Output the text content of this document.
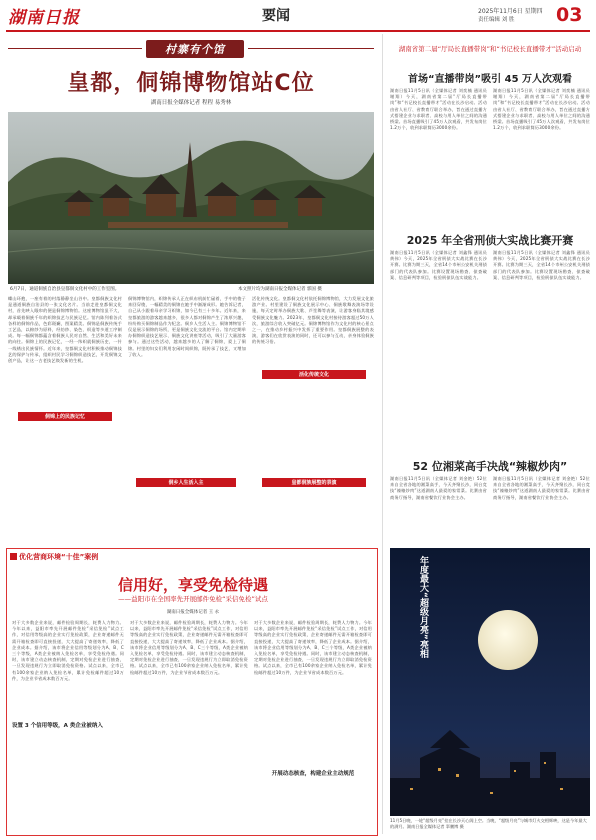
湖南日报	要闻	2025年11月6日 星期四
责任编辑 刘 胜 03
村寨有个馆
皇都，侗锦博物馆站C位
湖南日报全媒体记者 程程 易秀林
6月7日，通道侗族自治县皇都侗文化村中的工作室图。	本文照片均为湖南日报全媒体记者 郭国 摄
蝶山环抱，一座有着的村落静静坐山谷中。皇都侗族文化村是通道侗族自治县的一张文化名片。当前走进皇都侗文化村，首先映入眼帘的便是侗锦博物馆。这座博物馆虽不大，却承载着侗族千年的织锦技艺与民族记忆。馆内陈列着各式各样的侗锦作品，色彩斑斓，图案精美。侗锦是侗族传统手工艺品，以棉纱为原料，经纺纱、染色、织造等多道工序制成。每一幅侗锦都蕴含着侗族人民对自然、生活和美好未来的向往。侗锦上的民族记忆，一经一纬织就侗族历史，一针一线绣出民族情怀。近年来，皇都侗文化村积极推动侗锦技艺的保护与传承，组织村民学习侗锦织造技艺，开发侗锦文创产品，让这一古老技艺焕发新的生机。
侗锦上的民族记忆
侗锦博物馆内，织锦传承人正在织布机前忙碌着，手中的梭子来回穿梭，一幅精美的侗锦在她手中渐渐成形。她告诉记者，自己从小跟着母亲学习织锦，如今已有三十多年。近年来，来皇都旅游的游客越来越多，很多人都对侗锦产生了浓厚兴趣，纷纷购买侗锦制品作为纪念。侗乡人生活入主。侗锦博物馆不仅是展示侗锦的场所，更是侗族文化交流的平台。馆内定期举办侗锦织造技艺展示、侗族文化讲座等活动，吸引了大量游客参与。通过这些活动，越来越多的人了解了侗锦，爱上了侗锦。村里的妇女们利用农闲时间织锦，既传承了技艺，又增加了收入。
侗乡人生活入主
活化传统文化。皇都侗文化村依托侗锦博物馆，大力发展文化旅游产业。村里建设了侗族文化展示中心、侗族歌舞表演场等设施，每天定时举办侗族大歌、芦笙舞等表演，让游客身临其境感受侗族文化魅力。2023年，皇都侗文化村接待游客超过50万人次，旅游综合收入突破亿元。侗锦博物馆作为文化村的核心景点之一，在推动乡村振兴中发挥了重要作用。皇都侗族展整的表演，游客们在欣赏表演的同时，还可以参与互动，亲身体验侗族的传统习俗。
活化传统文化
皇都侗族展整的表演
优化营商环境“十佳”案例
信用好，享受免检待遇
——益阳市在全国率先开展邮件免检“采信免检”试点
湖南日报全媒体记者 王 永
对于大多数企业来说，邮件检验周期长，耗费人力物力。今年以来，益阳市率先开展邮件免检“采信免检”试点工作，对信用等级高的企业实行免检政策，企业寄递邮件无需开箱检查即可直接投递，大大提高了寄递效率，降低了企业成本。据介绍，该市将企业信用等级划分为A、B、C三个等级，A类企业被纳入免检名单，享受免检待遇。同时，该市建立动态核查机制，定期对免检企业进行抽查，一旦发现违规行为立即取消免检资格。试点以来，全市已有100余家企业纳入免检名单，累计免检邮件超过10万件，为企业节省成本数百万元。
对于大多数企业来说，邮件检验周期长，耗费人力物力。今年以来，益阳市率先开展邮件免检“采信免检”试点工作，对信用等级高的企业实行免检政策，企业寄递邮件无需开箱检查即可直接投递，大大提高了寄递效率，降低了企业成本。据介绍，该市将企业信用等级划分为A、B、C三个等级，A类企业被纳入免检名单，享受免检待遇。同时，该市建立动态核查机制，定期对免检企业进行抽查，一旦发现违规行为立即取消免检资格。试点以来，全市已有100余家企业纳入免检名单，累计免检邮件超过10万件，为企业节省成本数百万元。
对于大多数企业来说，邮件检验周期长，耗费人力物力。今年以来，益阳市率先开展邮件免检“采信免检”试点工作，对信用等级高的企业实行免检政策，企业寄递邮件无需开箱检查即可直接投递，大大提高了寄递效率，降低了企业成本。据介绍，该市将企业信用等级划分为A、B、C三个等级，A类企业被纳入免检名单，享受免检待遇。同时，该市建立动态核查机制，定期对免检企业进行抽查，一旦发现违规行为立即取消免检资格。试点以来，全市已有100余家企业纳入免检名单，累计免检邮件超过10万件，为企业节省成本数百万元。
设置 3 个信用等级，A 类企业被纳入
开展动态核查，构建企业主动规范
湖南省第二届“厅局长直播带岗”和“书记校长直播带才”活动启动
首场“直播带岗”吸引 45 万人次观看
湖南日报11月5日讯（全媒体记者 刘奕楠 通讯员 谢翔）今天，湖南省第二届“厅局长直播带岗”和“书记校长直播带才”活动在长沙启动。活动由省人社厅、省教育厅联合举办，旨在通过直播方式搭建企业与求职者、高校与用人单位之间的沟通桥梁。首场直播吸引了45万人次观看，共发布岗位1.2万个，收到求职简历3000余份。
湖南日报11月5日讯（全媒体记者 刘奕楠 通讯员 谢翔）今天，湖南省第二届“厅局长直播带岗”和“书记校长直播带才”活动在长沙启动。活动由省人社厅、省教育厅联合举办，旨在通过直播方式搭建企业与求职者、高校与用人单位之间的沟通桥梁。首场直播吸引了45万人次观看，共发布岗位1.2万个，收到求职简历3000余份。
2025 年全省刑侦大实战比赛开赛
湖南日报11月5日讯（全媒体记者 刘鑫锋 通讯员 黄伟）今天，2025年全省刑侦大实战比赛在长沙开赛。比赛为期三天，全省14个市州公安机关刑侦部门的代表队参加。比赛设置现场勘查、侦查破案、信息研判等项目，检验刑侦队伍实战能力。
湖南日报11月5日讯（全媒体记者 刘鑫锋 通讯员 黄伟）今天，2025年全省刑侦大实战比赛在长沙开赛。比赛为期三天，全省14个市州公安机关刑侦部门的代表队参加。比赛设置现场勘查、侦查破案、信息研判等项目，检验刑侦队伍实战能力。
52 位湘菜高手决战“辣椒炒肉”
湖南日报11月5日讯（全媒体记者 刘金艳）52位来自全省各地的湘菜高手，今天齐聚长沙，同台竞技“辣椒炒肉”这道湖南人最爱的家常菜。比赛由省商务厅指导，湖南省餐饮行业协会主办。
湖南日报11月5日讯（全媒体记者 刘金艳）52位来自全省各地的湘菜高手，今天齐聚长沙，同台竞技“辣椒炒肉”这道湖南人最爱的家常菜。比赛由省商务厅指导，湖南省餐饮行业协会主办。
年度最大“超级月亮”亮相
11月5日晚，一轮“超级月亮”挂在长沙天心阁上空。当晚，“超级月亮”与城市灯火交相辉映，这是今年最大的满月。湖南日报全媒体记者 辜鹏博 摄
